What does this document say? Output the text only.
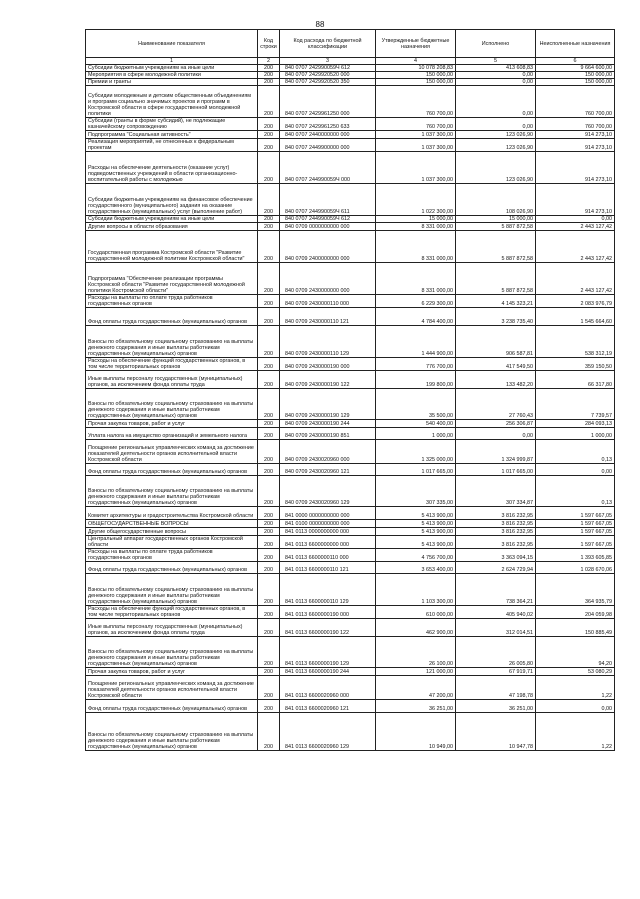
88
Наименование показателя	Код строки	Код расхода по бюджетной классификации	Утвержденные бюджетные назначения	Исполнено	Неисполненные назначения
1	2	3	4	5	6
Субсидии бюджетным учреждениям на иные цели	200	840 0707 242990059Ч 612	10 078 208,83	413 608,83	9 664 600,00
Мероприятия в сфере молодежной политики	200	840 0707 2429920520 000	150 000,00	0,00	150 000,00
Премии и гранты	200	840 0707 2429920520 350	150 000,00	0,00	150 000,00
Субсидии молодежным и детским общественным объединениям и программ социально значимых проектов и программ в Костромской области в сфере государственной молодежной политики	200	840 0707 2429961250 000	760 700,00	0,00	760 700,00
Субсидии (гранты в форме субсидий), не подлежащие казначейскому сопровождению	200	840 0707 2429961250 633	760 700,00	0,00	760 700,00
Подпрограмма "Социальная активность"	200	840 0707 2440000000 000	1 037 300,00	123 026,90	914 273,10
Реализация мероприятий, не отнесенных к федеральным проектам	200	840 0707 2449900000 000	1 037 300,00	123 026,90	914 273,10
Расходы на обеспечение деятельности (оказание услуг) подведомственных учреждений в области организационно-воспитательной работы с молодежью	200	840 0707 244990059Ч 000	1 037 300,00	123 026,90	914 273,10
Субсидии бюджетным учреждениям на финансовое обеспечение государственного (муниципального) задания на оказание государственных (муниципальных) услуг (выполнение работ)	200	840 0707 244990059Ч 611	1 022 300,00	108 026,90	914 273,10
Субсидии бюджетным учреждениям на иные цели	200	840 0707 244990059Ч 612	15 000,00	15 000,00	0,00
Другие вопросы в области образования	200	840 0709 0000000000 000	8 331 000,00	5 887 872,58	2 443 127,42
Государственная программа Костромской области "Развитие государственной молодежной политики Костромской области"	200	840 0709 2400000000 000	8 331 000,00	5 887 872,58	2 443 127,42
Подпрограмма "Обеспечение реализации программы Костромской области "Развитие государственной молодежной политики Костромской области"	200	840 0709 2430000000 000	8 331 000,00	5 887 872,58	2 443 127,42
Расходы на выплаты по оплате труда работников государственных органов	200	840 0709 2430000110 000	6 229 300,00	4 145 323,21	2 083 976,79
Фонд оплаты труда государственных (муниципальных) органов	200	840 0709 2430000110 121	4 784 400,00	3 238 735,40	1 545 664,60
Взносы по обязательному социальному страхованию на выплаты денежного содержания и иные выплаты работникам государственных (муниципальных) органов	200	840 0709 2430000110 129	1 444 900,00	906 587,81	538 312,19
Расходы на обеспечение функций государственных органов, в том числе территориальных органов	200	840 0709 2430000190 000	776 700,00	417 549,50	359 150,50
Иные выплаты персоналу государственных (муниципальных) органов, за исключением фонда оплаты труда	200	840 0709 2430000190 122	199 800,00	133 482,20	66 317,80
Взносы по обязательному социальному страхованию на выплаты денежного содержания и иные выплаты работникам государственных (муниципальных) органов	200	840 0709 2430000190 129	35 500,00	27 760,43	7 739,57
Прочая закупка товаров, работ и услуг	200	840 0709 2430000190 244	540 400,00	256 306,87	284 093,13
Уплата налога на имущество организаций и земельного налога	200	840 0709 2430000190 851	1 000,00	0,00	1 000,00
Поощрение региональных управленческих команд за достижение показателей деятельности органов исполнительной власти Костромской области	200	840 0709 2430020960 000	1 325 000,00	1 324 999,87	0,13
Фонд оплаты труда государственных (муниципальных) органов	200	840 0709 2430020960 121	1 017 665,00	1 017 665,00	0,00
Взносы по обязательному социальному страхованию на выплаты денежного содержания и иные выплаты работникам государственных (муниципальных) органов	200	840 0709 2430020960 129	307 335,00	307 334,87	0,13
Комитет архитектуры и градостроительства Костромской области	200	841 0000 0000000000 000	5 413 900,00	3 816 232,95	1 597 667,05
ОБЩЕГОСУДАРСТВЕННЫЕ ВОПРОСЫ	200	841 0100 0000000000 000	5 413 900,00	3 816 232,95	1 597 667,05
Другие общегосударственные вопросы	200	841 0113 0000000000 000	5 413 900,00	3 816 232,95	1 597 667,05
Центральный аппарат государственных органов Костромской области	200	841 0113 6600000000 000	5 413 900,00	3 816 232,95	1 597 667,05
Расходы на выплаты по оплате труда работников государственных органов	200	841 0113 6600000110 000	4 756 700,00	3 363 094,15	1 393 605,85
Фонд оплаты труда государственных (муниципальных) органов	200	841 0113 6600000110 121	3 653 400,00	2 624 729,94	1 028 670,06
Взносы по обязательному социальному страхованию на выплаты денежного содержания и иные выплаты работникам государственных (муниципальных) органов	200	841 0113 6600000110 129	1 103 300,00	738 364,21	364 935,79
Расходы на обеспечение функций государственных органов, в том числе территориальных органов	200	841 0113 6600000190 000	610 000,00	405 940,02	204 059,98
Иные выплаты персоналу государственных (муниципальных) органов, за исключением фонда оплаты труда	200	841 0113 6600000190 122	462 900,00	312 014,51	150 885,49
Взносы по обязательному социальному страхованию на выплаты денежного содержания и иные выплаты работникам государственных (муниципальных) органов	200	841 0113 6600000190 129	26 100,00	26 005,80	94,20
Прочая закупка товаров, работ и услуг	200	841 0113 6600000190 244	121 000,00	67 919,71	53 080,29
Поощрение региональных управленческих команд за достижение показателей деятельности органов исполнительной власти Костромской области	200	841 0113 6600020960 000	47 200,00	47 198,78	1,22
Фонд оплаты труда государственных (муниципальных) органов	200	841 0113 6600020960 121	36 251,00	36 251,00	0,00
Взносы по обязательному социальному страхованию на выплаты денежного содержания и иные выплаты работникам государственных (муниципальных) органов	200	841 0113 6600020960 129	10 949,00	10 947,78	1,22
